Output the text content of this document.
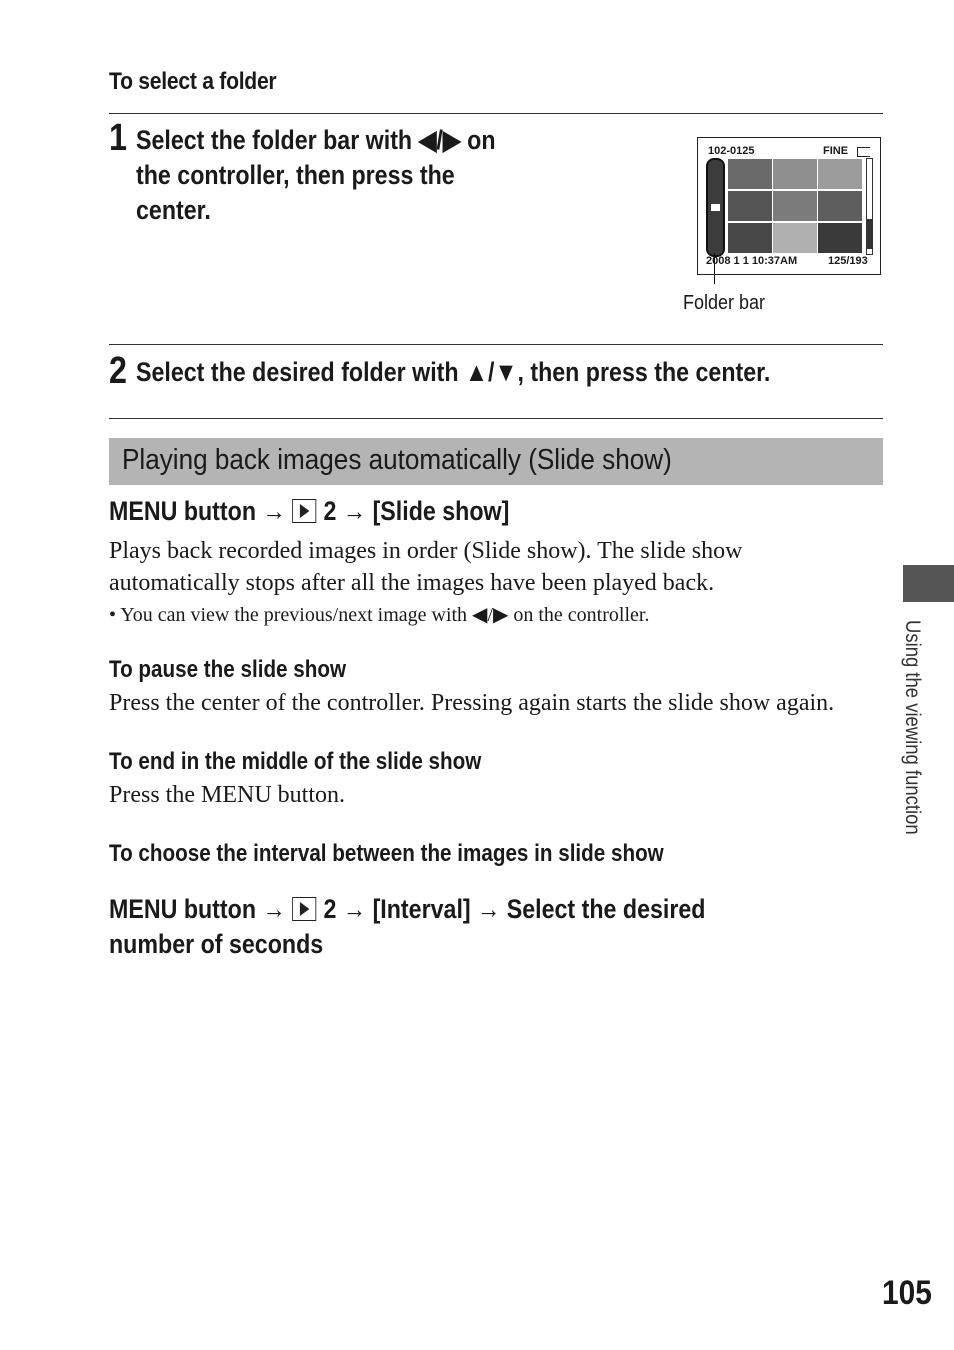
To select a folder
1 Select the folder bar with ◀/▶ on
the controller, then press the
center.
102-0125	FINE
2008 1 1 10:37AM	125/193
Folder bar
2 Select the desired folder with ▲/▼, then press the center.
Playing back images automatically (Slide show)
MENU button → 2 → [Slide show]
Plays back recorded images in order (Slide show). The slide show
automatically stops after all the images have been played back.
• You can view the previous/next image with ◀/▶ on the controller.
To pause the slide show
Press the center of the controller. Pressing again starts the slide show again.
To end in the middle of the slide show
Press the MENU button.
To choose the interval between the images in slide show
MENU button → 2 → [Interval] → Select the desired
number of seconds
Using the viewing function
105
